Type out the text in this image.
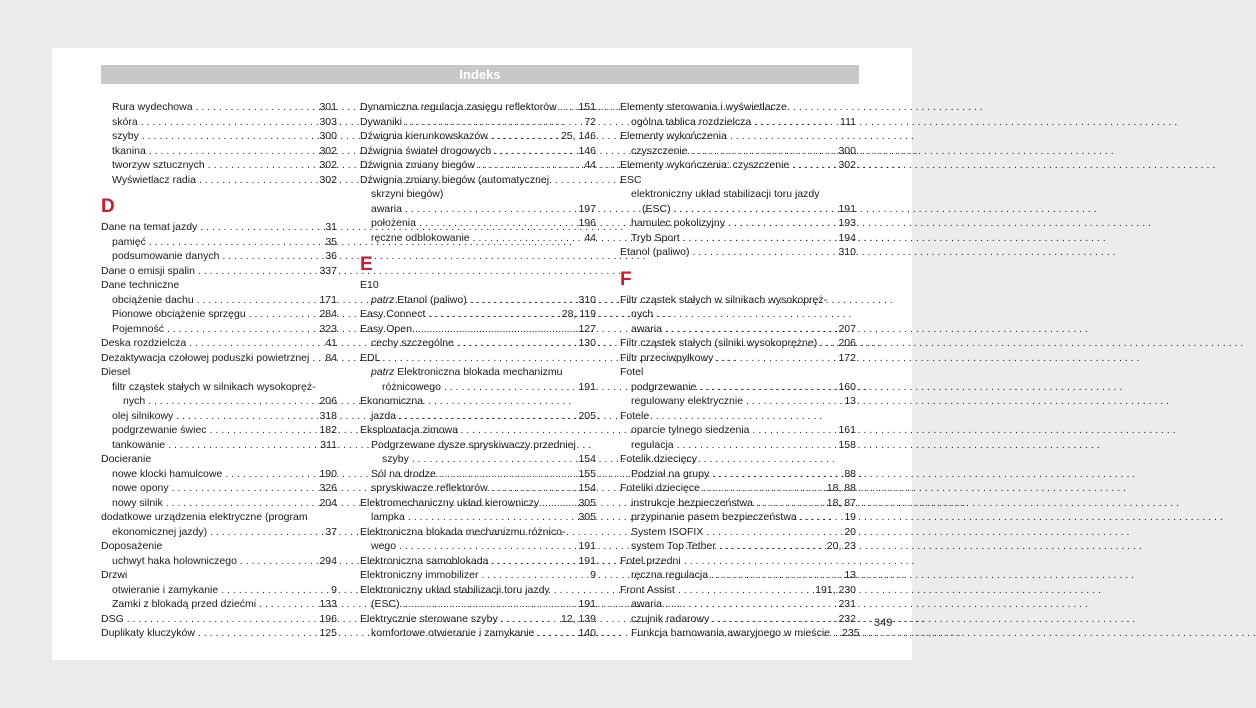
Indeks
Rura wydechowa . . .	301
skóra . . .	303
szyby . . .	300
tkanina . . .	302
tworzyw sztucznych . . .	302
Wyświetlacz radia . . .	302
D
Dane na temat jazdy . . .	31
pamięć . . .	35
podsumowanie danych . . .	36
Dane o emisji spalin . . .	337
Dane techniczne
obciążenie dachu . . .	171
Pionowe obciążenie sprzęgu . . .	284
Pojemność . . .	323
Deska rozdzielcza . . .	41
Dezaktywacja czołowej poduszki powietrznej . . . 84
Diesel
filtr cząstek stałych w silnikach wysokopręż-
nych . . .	206
olej silnikowy . . .	318
podgrzewanie świec . . .	182
tankowanie . . .	311
Docieranie
nowe klocki hamulcowe . . .	190
nowe opony . . .	326
nowy silnik . . .	204
dodatkowe urządzenia elektryczne (program
ekonomicznej jazdy) . . .	37
Doposażenie
uchwyt haka holowniczego . . .	294
Drzwi
otwieranie i zamykanie . . .	9
Zamki z blokadą przed dziećmi . . .	133
DSG . . .	196
Duplikaty kluczyków . . .	125
Dynamiczna regulacja zasięgu reflektorów . . . 151
Dywaniki . . .	72
Dźwignia kierunkowskazów . . .	25, 146
Dźwignia świateł drogowych . . .	146
Dźwignia zmiany biegów . . .	44
Dźwignia zmiany biegów (automatycznej
skrzyni biegów)
awaria . . .	197
położenia . . .	196
ręczne odblokowanie . . .	44
E
E10
patrz Etanol (paliwo) . . .	310
Easy Connect . . .	28, 119
Easy Open . . .	127
cechy szczególne . . .	130
EDL
patrz Elektroniczna blokada mechanizmu
różnicowego . . .	191
Ekonomiczna
jazda . . .	205
Eksploatacja zimowa
Podgrzewane dysze spryskiwaczy przedniej
szyby . . .	154
Sól na drodze . . .	155
spryskiwacze reflektorów . . .	154
Elektromechaniczny układ kierowniczy . . .	305
lampka . . .	305
Elektroniczna blokada mechanizmu różnico-
wego . . .	191
Elektroniczna samoblokada . . .	191
Elektroniczny immobilizer . . .	9
Elektroniczny układ stabilizacji toru jazdy
(ESC) . . .	191
Elektrycznie sterowane szyby . . .	12, 139
komfortowe otwieranie i zamykanie . . .	140
Elementy sterowania i wyświetlacze
ogólna tablica rozdzielcza . . .	111
Elementy wykończenia
czyszczenie . . .	300
Elementy wykończenia: czyszczenie . . .	302
ESC
elektroniczny układ stabilizacji toru jazdy
(ESC) . . .	191
hamulec pokolizyjny . . .	193
Tryb Sport . . .	194
Etanol (paliwo) . . .	310
F
Filtr cząstek stałych w silnikach wysokopręż-
nych
awaria . . .	207
Filtr cząstek stałych (silniki wysokoprężne) . . . 206
Filtr przeciwpyłkowy . . .	172
Fotel
podgrzewanie . . .	160
regulowany elektrycznie . . .	13
Fotele
oparcie tylnego siedzenia . . .	161
regulacja . . .	158
Fotelik dziecięcy
Podział na grupy . . .	88
Foteliki dziecięce . . .	18, 88
instrukcje bezpieczeństwa . . .	18, 87
przypinanie pasem bezpieczeństwa . . .	19
System ISOFIX . . .	20
system Top Tether . . .	20, 23
Fotel przedni
ręczna regulacja . . .	13
Front Assist . . .	191, 230
awaria . . .	231
czujnik radarowy . . .	232
Funkcja hamowania awaryjnego w mieście . . . 235
349
